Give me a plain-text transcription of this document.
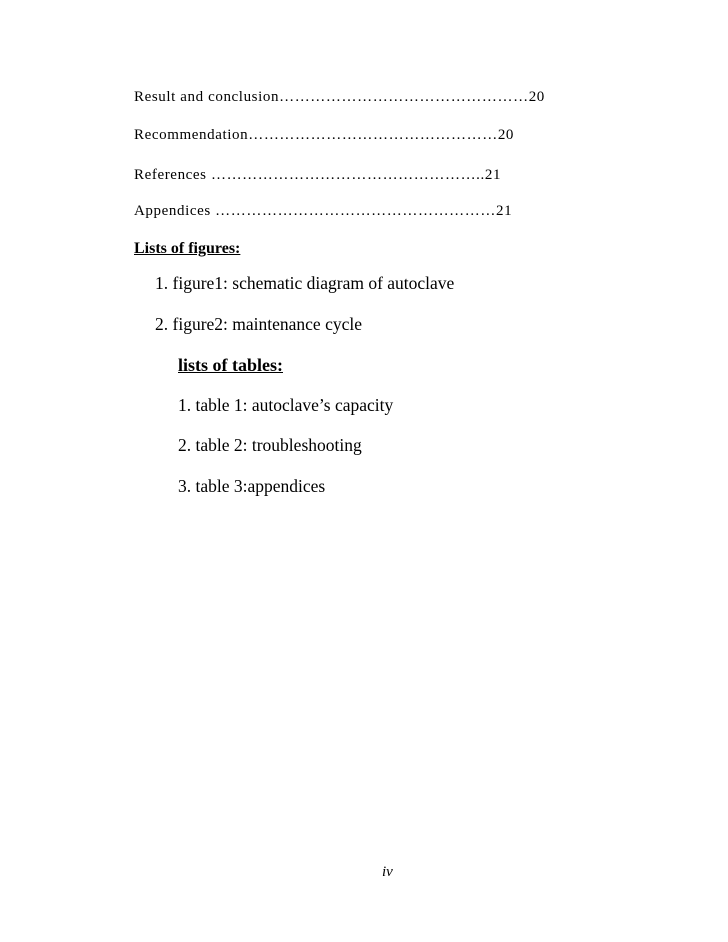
Result and conclusion…………………………………………20
Recommendation…………………………………………20
References ……………………………………………..21
Appendices ………………………………………………21
Lists of figures:
1. figure1: schematic diagram of autoclave
2. figure2: maintenance cycle
lists of tables:
1. table 1: autoclave’s capacity
2. table 2: troubleshooting
3. table 3:appendices
iv
